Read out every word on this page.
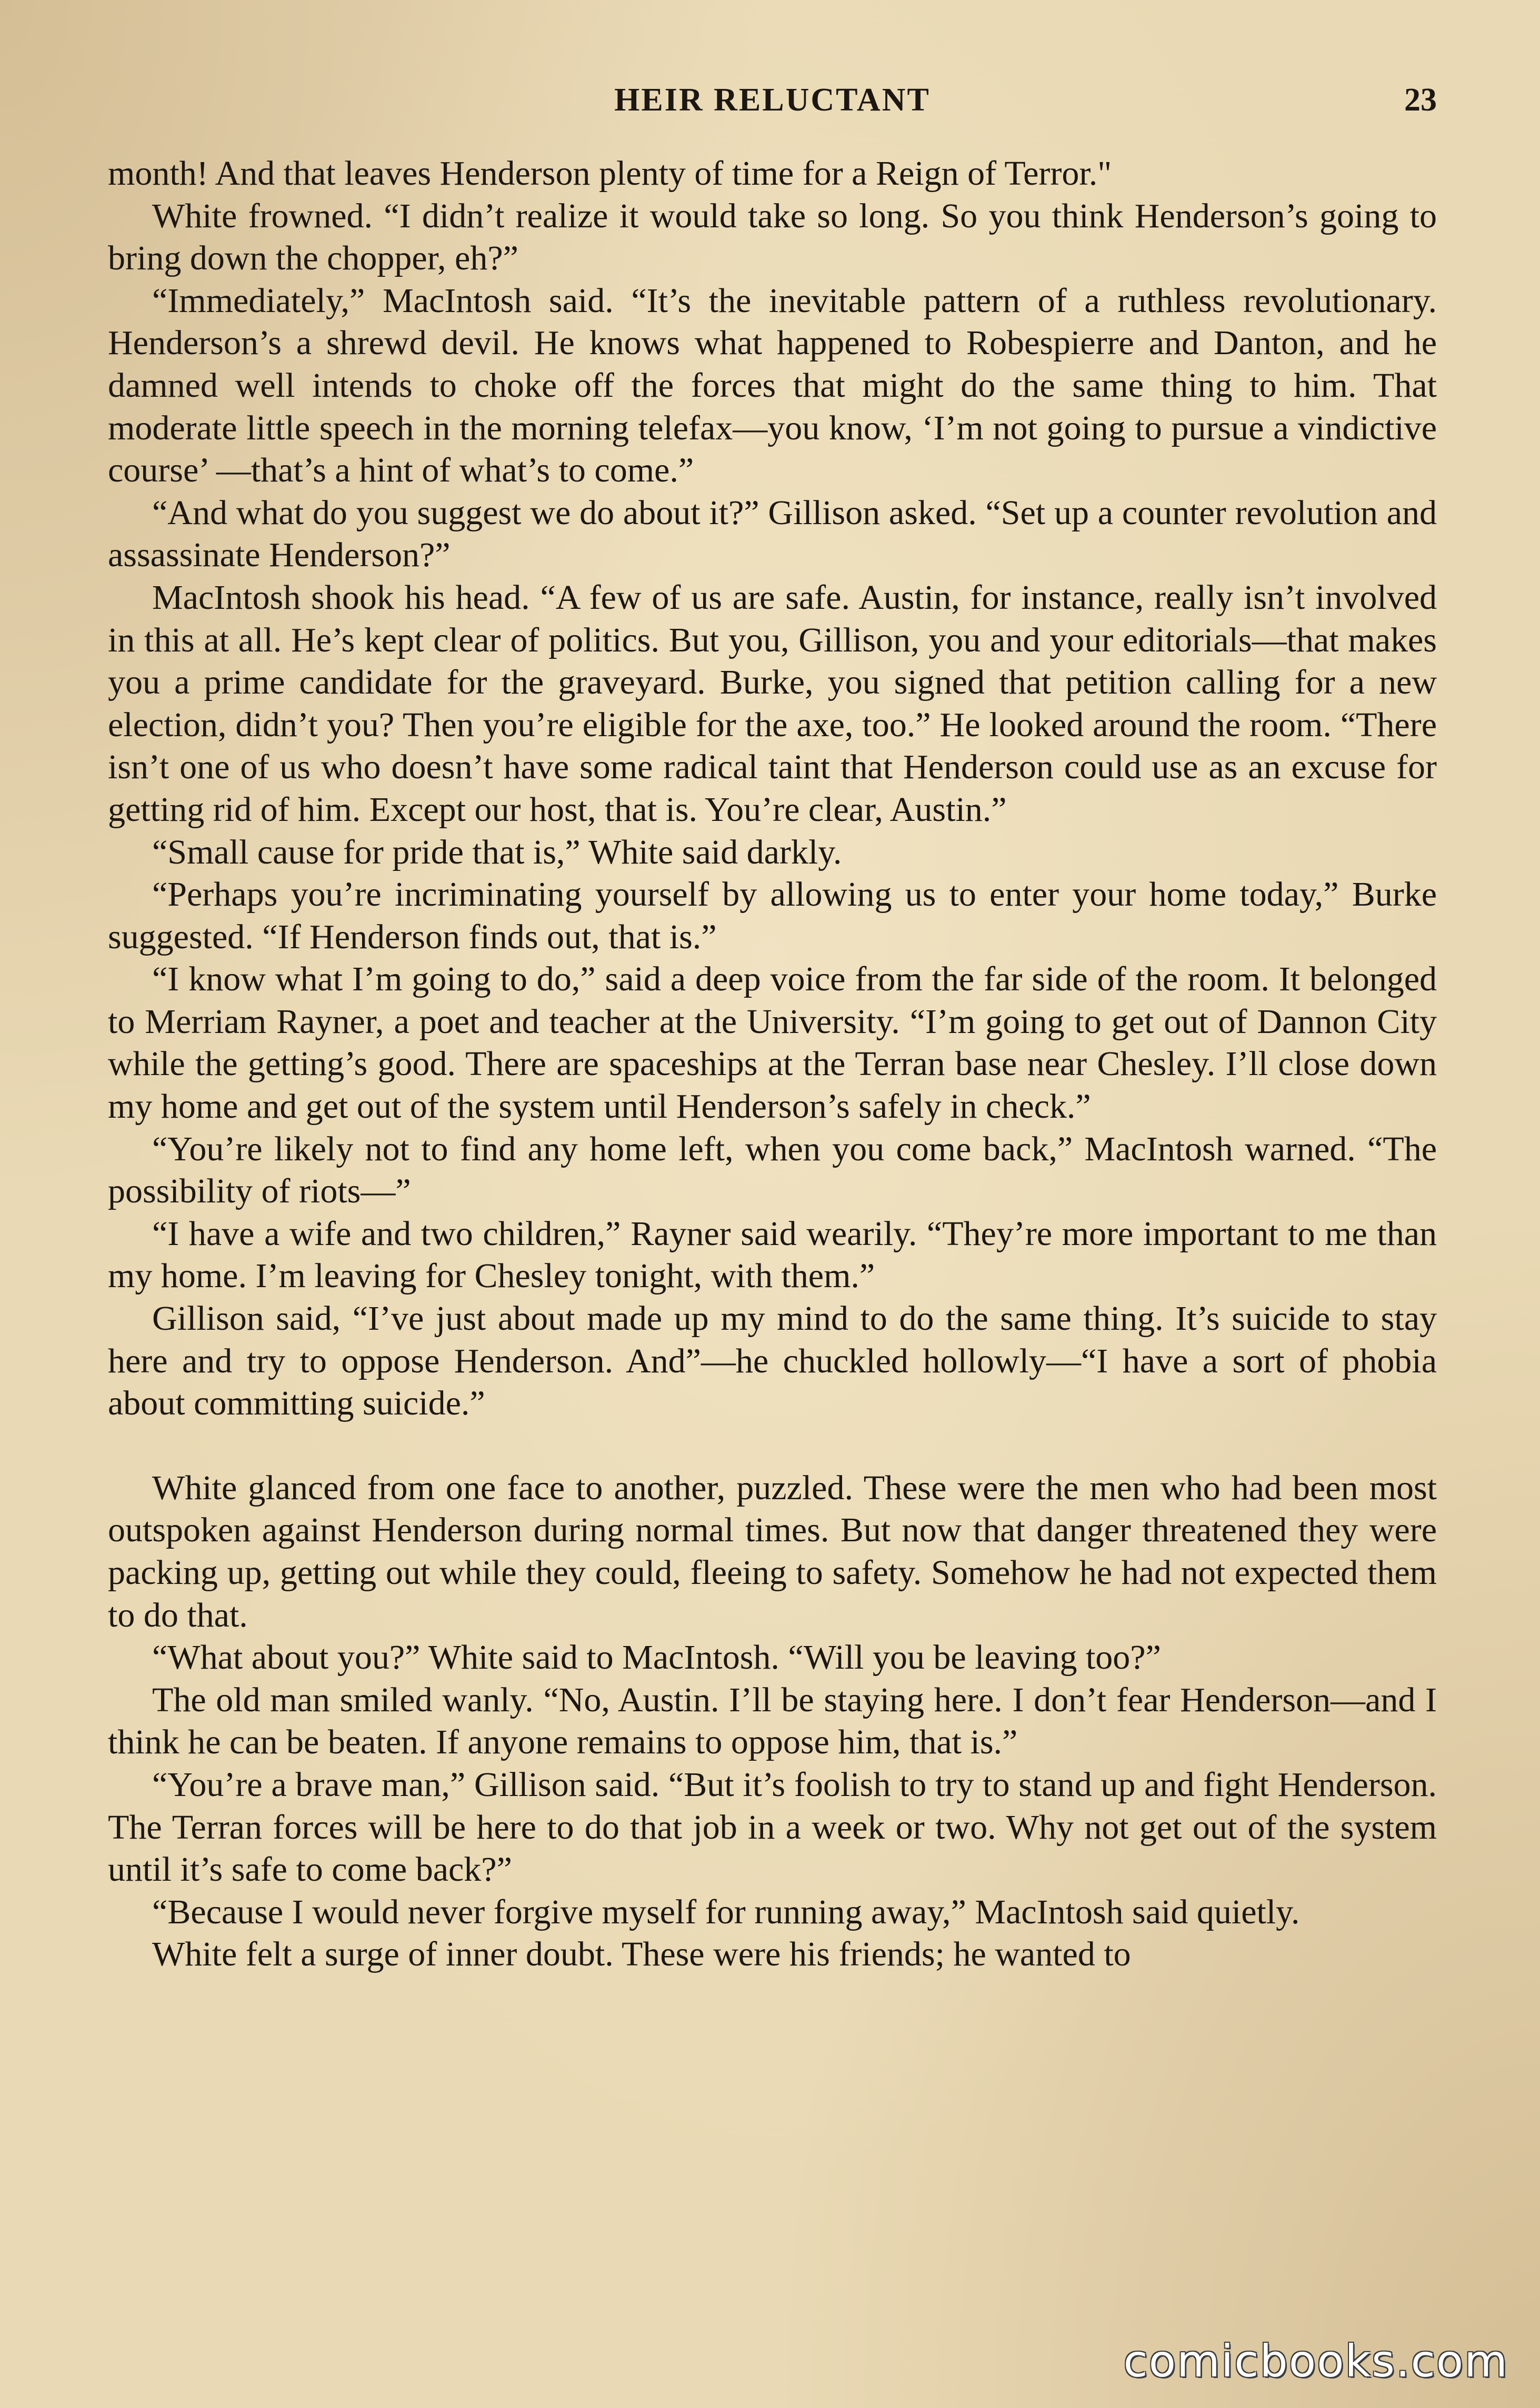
HEIR RELUCTANT	23

month! And that leaves Henderson plenty of time for a Reign of Terror."

White frowned. “I didn’t realize it would take so long. So you think Henderson’s going to bring down the chopper, eh?”

“Immediately,” MacIntosh said. “It’s the inevitable pattern of a ruthless revolutionary. Henderson’s a shrewd devil. He knows what happened to Robespierre and Danton, and he damned well intends to choke off the forces that might do the same thing to him. That moderate little speech in the morning telefax—you know, ‘I’m not going to pursue a vindictive course’ —that’s a hint of what’s to come.”

“And what do you suggest we do about it?” Gillison asked. “Set up a counter revolution and assassinate Henderson?”

MacIntosh shook his head. “A few of us are safe. Austin, for instance, really isn’t involved in this at all. He’s kept clear of politics. But you, Gillison, you and your editorials—that makes you a prime candidate for the graveyard. Burke, you signed that petition calling for a new election, didn’t you? Then you’re eligible for the axe, too.” He looked around the room. “There isn’t one of us who doesn’t have some radical taint that Henderson could use as an excuse for getting rid of him. Except our host, that is. You’re clear, Austin.”

“Small cause for pride that is,” White said darkly.

“Perhaps you’re incriminating yourself by allowing us to enter your home today,” Burke suggested. “If Henderson finds out, that is.”

“I know what I’m going to do,” said a deep voice from the far side of the room. It belonged to Merriam Rayner, a poet and teacher at the University. “I’m going to get out of Dannon City while the getting’s good. There are spaceships at the Terran base near Chesley. I’ll close down my home and get out of the system until Henderson’s safely in check.”

“You’re likely not to find any home left, when you come back,” MacIntosh warned. “The possibility of riots—”

“I have a wife and two children,” Rayner said wearily. “They’re more important to me than my home. I’m leaving for Chesley tonight, with them.”

Gillison said, “I’ve just about made up my mind to do the same thing. It’s suicide to stay here and try to oppose Henderson. And”—he chuckled hollowly—“I have a sort of phobia about committing suicide.”

White glanced from one face to another, puzzled. These were the men who had been most outspoken against Henderson during normal times. But now that danger threatened they were packing up, getting out while they could, fleeing to safety. Somehow he had not expected them to do that.

“What about you?” White said to MacIntosh. “Will you be leaving too?”

The old man smiled wanly. “No, Austin. I’ll be staying here. I don’t fear Henderson—and I think he can be beaten. If anyone remains to oppose him, that is.”

“You’re a brave man,” Gillison said. “But it’s foolish to try to stand up and fight Henderson. The Terran forces will be here to do that job in a week or two. Why not get out of the system until it’s safe to come back?”

“Because I would never forgive myself for running away,” MacIntosh said quietly.

White felt a surge of inner doubt. These were his friends; he wanted to

comicbooks.com
